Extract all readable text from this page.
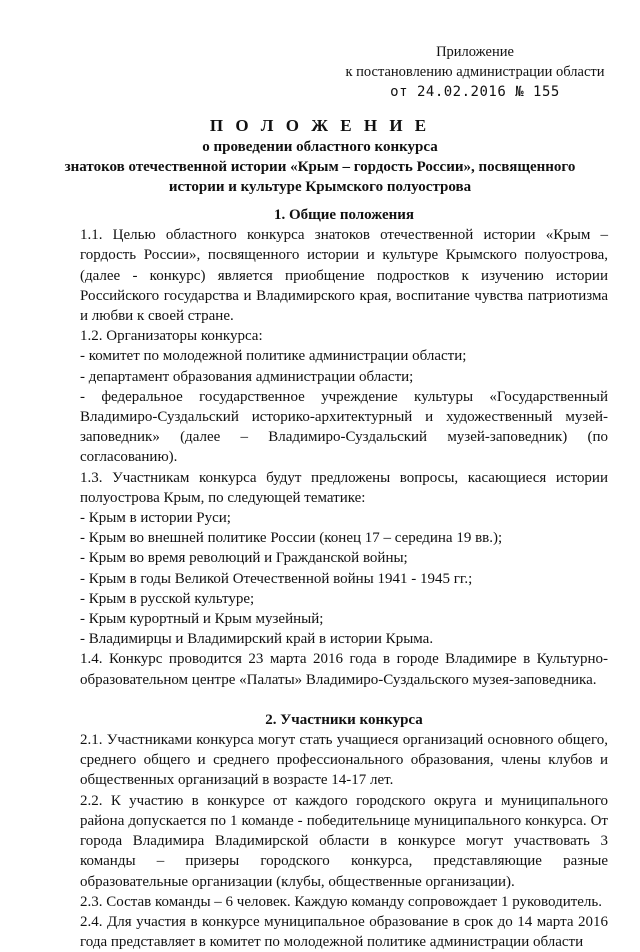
Приложение
к постановлению администрации области
от 24.02.2016 № 155
П О Л О Ж Е Н И Е
о проведении областного конкурса
знатоков отечественной истории «Крым – гордость России», посвященного
истории и культуре Крымского полуострова

1. Общие положения

1.1. Целью областного конкурса знатоков отечественной истории «Крым – гордость России», посвященного истории и культуре Крымского полуострова, (далее - конкурс) является приобщение подростков к изучению истории Российского государства и Владимирского края, воспитание чувства патриотизма и любви к своей стране.

1.2. Организаторы конкурса:

- комитет по молодежной политике администрации области;

- департамент образования администрации области;

- федеральное государственное учреждение культуры «Государственный Владимиро-Суздальский историко-архитектурный и художественный музей-заповедник» (далее – Владимиро-Суздальский музей-заповедник) (по согласованию).

1.3. Участникам конкурса будут предложены вопросы, касающиеся истории полуострова Крым, по следующей тематике:

- Крым в истории Руси;

- Крым во внешней политике России (конец 17 – середина 19 вв.);

- Крым во время революций и Гражданской войны;

- Крым в годы Великой Отечественной войны 1941 - 1945 гг.;

- Крым в русской культуре;

- Крым курортный и Крым музейный;

- Владимирцы и Владимирский край в истории Крыма.

1.4. Конкурс проводится 23 марта 2016 года в городе Владимире в Культурно-образовательном центре «Палаты» Владимиро-Суздальского музея-заповедника.

2. Участники конкурса

2.1. Участниками конкурса могут стать учащиеся организаций основного общего, среднего общего и среднего профессионального образования, члены клубов и общественных организаций в возрасте 14-17 лет.

2.2. К участию в конкурсе от каждого городского округа и муниципального района допускается по 1 команде - победительнице муниципального конкурса. От города Владимира Владимирской области в конкурсе могут участвовать 3 команды – призеры городского конкурса, представляющие разные образовательные организации (клубы, общественные организации).

2.3. Состав команды – 6 человек. Каждую команду сопровождает 1 руководитель.

2.4. Для участия в конкурсе муниципальное образование в срок до 14 марта 2016 года представляет в комитет по молодежной политике администрации области
